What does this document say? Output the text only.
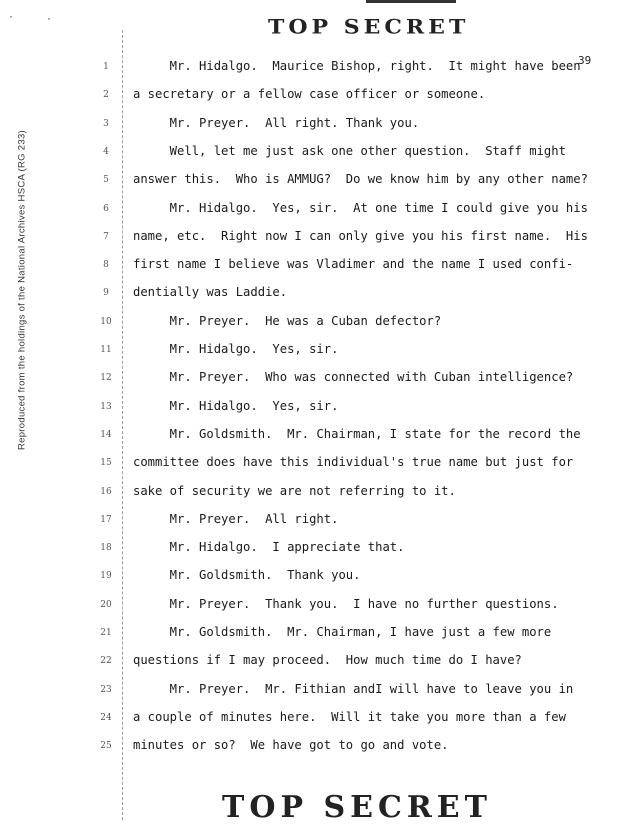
·	·	TOP SECRET
39
Reproduced from the holdings of the National Archives HSCA (RG 233)
1	Mr. Hidalgo.  Maurice Bishop, right.  It might have been
2	a secretary or a fellow case officer or someone.
3	Mr. Preyer.  All right. Thank you.
4	Well, let me just ask one other question.  Staff might
5	answer this.  Who is AMMUG?  Do we know him by any other name?
6	Mr. Hidalgo.  Yes, sir.  At one time I could give you his
7	name, etc.  Right now I can only give you his first name.  His
8	first name I believe was Vladimer and the name I used confi-
9	dentially was Laddie.
10	Mr. Preyer.  He was a Cuban defector?
11	Mr. Hidalgo.  Yes, sir.
12	Mr. Preyer.  Who was connected with Cuban intelligence?
13	Mr. Hidalgo.  Yes, sir.
14	Mr. Goldsmith.  Mr. Chairman, I state for the record the
15	committee does have this individual's true name but just for
16	sake of security we are not referring to it.
17	Mr. Preyer.  All right.
18	Mr. Hidalgo.  I appreciate that.
19	Mr. Goldsmith.  Thank you.
20	Mr. Preyer.  Thank you.  I have no further questions.
21	Mr. Goldsmith.  Mr. Chairman, I have just a few more
22	questions if I may proceed.  How much time do I have?
23	Mr. Preyer.  Mr. Fithian andI will have to leave you in
24	a couple of minutes here.  Will it take you more than a few
25	minutes or so?  We have got to go and vote.
TOP SECRET
